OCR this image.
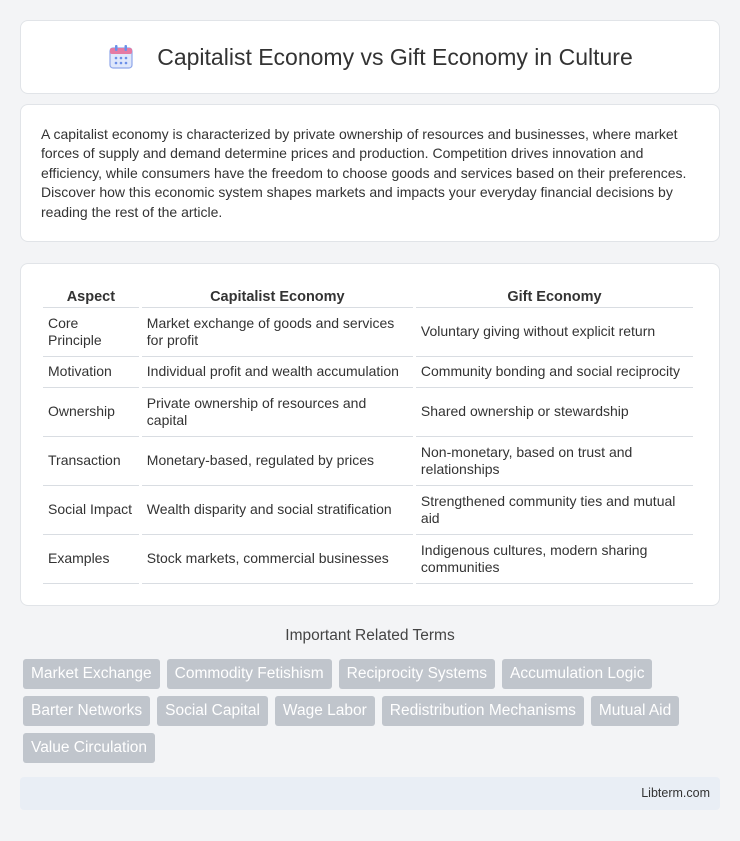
Capitalist Economy vs Gift Economy in Culture

A capitalist economy is characterized by private ownership of resources and businesses, where market forces of supply and demand determine prices and production. Competition drives innovation and efficiency, while consumers have the freedom to choose goods and services based on their preferences. Discover how this economic system shapes markets and impacts your everyday financial decisions by reading the rest of the article.

Aspect	Capitalist Economy	Gift Economy
Core Principle	Market exchange of goods and services for profit	Voluntary giving without explicit return
Motivation	Individual profit and wealth accumulation	Community bonding and social reciprocity
Ownership	Private ownership of resources and capital	Shared ownership or stewardship
Transaction	Monetary-based, regulated by prices	Non-monetary, based on trust and relationships
Social Impact	Wealth disparity and social stratification	Strengthened community ties and mutual aid
Examples	Stock markets, commercial businesses	Indigenous cultures, modern sharing communities
Important Related Terms
Market Exchange	Commodity Fetishism	Reciprocity Systems	Accumulation Logic
Barter Networks	Social Capital	Wage Labor	Redistribution Mechanisms	Mutual Aid
Value Circulation
Libterm.com
